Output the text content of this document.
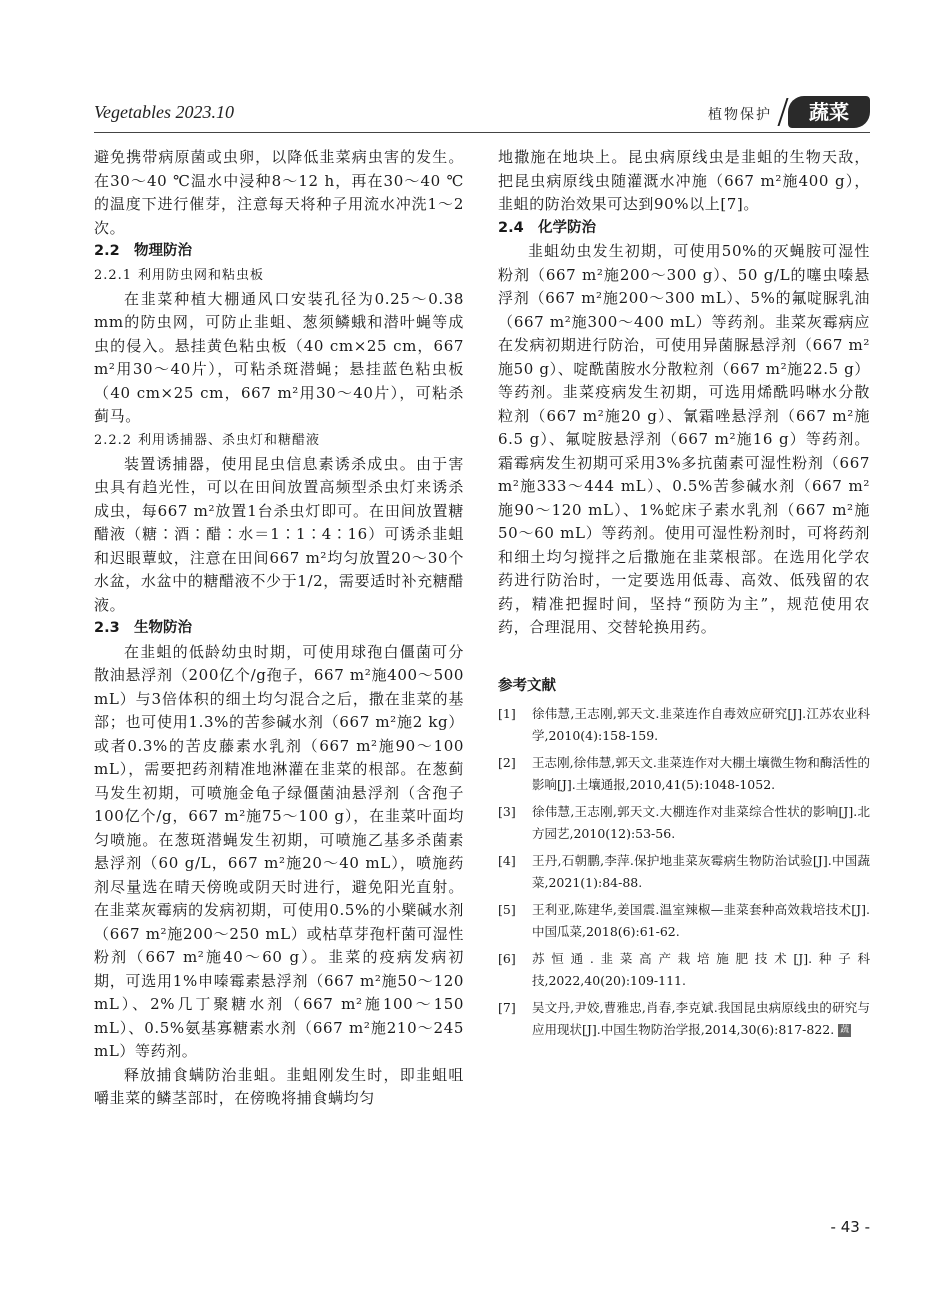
Vegetables 2023.10	植物保护	蔬菜

避免携带病原菌或虫卵，以降低韭菜病虫害的发生。在30～40 ℃温水中浸种8～12 h，再在30～40 ℃的温度下进行催芽，注意每天将种子用流水冲洗1～2次。

2.2 物理防治

2.2.1 利用防虫网和粘虫板

在韭菜种植大棚通风口安装孔径为0.25～0.38 mm的防虫网，可防止韭蛆、葱须鳞蛾和潜叶蝇等成虫的侵入。悬挂黄色粘虫板（40 cm×25 cm，667 m²用30～40片），可粘杀斑潜蝇；悬挂蓝色粘虫板（40 cm×25 cm，667 m²用30～40片），可粘杀蓟马。

2.2.2 利用诱捕器、杀虫灯和糖醋液

装置诱捕器，使用昆虫信息素诱杀成虫。由于害虫具有趋光性，可以在田间放置高频型杀虫灯来诱杀成虫，每667 m²放置1台杀虫灯即可。在田间放置糖醋液（糖∶酒∶醋∶水＝1∶1∶4∶16）可诱杀韭蛆和迟眼蕈蚊，注意在田间667 m²均匀放置20～30个水盆，水盆中的糖醋液不少于1/2，需要适时补充糖醋液。

2.3 生物防治

在韭蛆的低龄幼虫时期，可使用球孢白僵菌可分散油悬浮剂（200亿个/g孢子，667 m²施400～500 mL）与3倍体积的细土均匀混合之后，撒在韭菜的基部；也可使用1.3%的苦参碱水剂（667 m²施2 kg）或者0.3%的苦皮藤素水乳剂（667 m²施90～100 mL），需要把药剂精准地淋灌在韭菜的根部。在葱蓟马发生初期，可喷施金龟子绿僵菌油悬浮剂（含孢子100亿个/g，667 m²施75～100 g），在韭菜叶面均匀喷施。在葱斑潜蝇发生初期，可喷施乙基多杀菌素悬浮剂（60 g/L，667 m²施20～40 mL），喷施药剂尽量选在晴天傍晚或阴天时进行，避免阳光直射。在韭菜灰霉病的发病初期，可使用0.5%的小檗碱水剂（667 m²施200～250 mL）或枯草芽孢杆菌可湿性粉剂（667 m²施40～60 g）。韭菜的疫病发病初期，可选用1%申嗪霉素悬浮剂（667 m²施50～120 mL）、2%几丁聚糖水剂（667 m²施100～150 mL）、0.5%氨基寡糖素水剂（667 m²施210～245 mL）等药剂。

释放捕食螨防治韭蛆。韭蛆刚发生时，即韭蛆咀嚼韭菜的鳞茎部时，在傍晚将捕食螨均匀

地撒施在地块上。昆虫病原线虫是韭蛆的生物天敌，把昆虫病原线虫随灌溉水冲施（667 m²施400 g），韭蛆的防治效果可达到90%以上[7]。

2.4 化学防治

韭蛆幼虫发生初期，可使用50%的灭蝇胺可湿性粉剂（667 m²施200～300 g）、50 g/L的噻虫嗪悬浮剂（667 m²施200～300 mL）、5%的氟啶脲乳油（667 m²施300～400 mL）等药剂。韭菜灰霉病应在发病初期进行防治，可使用异菌脲悬浮剂（667 m²施50 g）、啶酰菌胺水分散粒剂（667 m²施22.5 g）等药剂。韭菜疫病发生初期，可选用烯酰吗啉水分散粒剂（667 m²施20 g）、氰霜唑悬浮剂（667 m²施6.5 g）、氟啶胺悬浮剂（667 m²施16 g）等药剂。霜霉病发生初期可采用3%多抗菌素可湿性粉剂（667 m²施333～444 mL）、0.5%苦参碱水剂（667 m²施90～120 mL）、1%蛇床子素水乳剂（667 m²施50～60 mL）等药剂。使用可湿性粉剂时，可将药剂和细土均匀搅拌之后撒施在韭菜根部。在选用化学农药进行防治时，一定要选用低毒、高效、低残留的农药，精准把握时间，坚持“预防为主”，规范使用农药，合理混用、交替轮换用药。

参考文献

[1]	徐伟慧,王志刚,郭天文.韭菜连作自毒效应研究[J].江苏农业科学,2010(4):158-159.
[2]	王志刚,徐伟慧,郭天文.韭菜连作对大棚土壤微生物和酶活性的影响[J].土壤通报,2010,41(5):1048-1052.
[3]	徐伟慧,王志刚,郭天文.大棚连作对韭菜综合性状的影响[J].北方园艺,2010(12):53-56.
[4]	王丹,石朝鹏,李萍.保护地韭菜灰霉病生物防治试验[J].中国蔬菜,2021(1):84-88.
[5]	王利亚,陈建华,姜国震.温室辣椒—韭菜套种高效栽培技术[J].中国瓜菜,2018(6):61-62.
[6]	苏恒通.韭菜高产栽培施肥技术[J].种子科技,2022,40(20):109-111.
[7]	吴文丹,尹姣,曹雅忠,肖春,李克斌.我国昆虫病原线虫的研究与应用现状[J].中国生物防治学报,2014,30(6):817-822. 蔬
- 43 -
